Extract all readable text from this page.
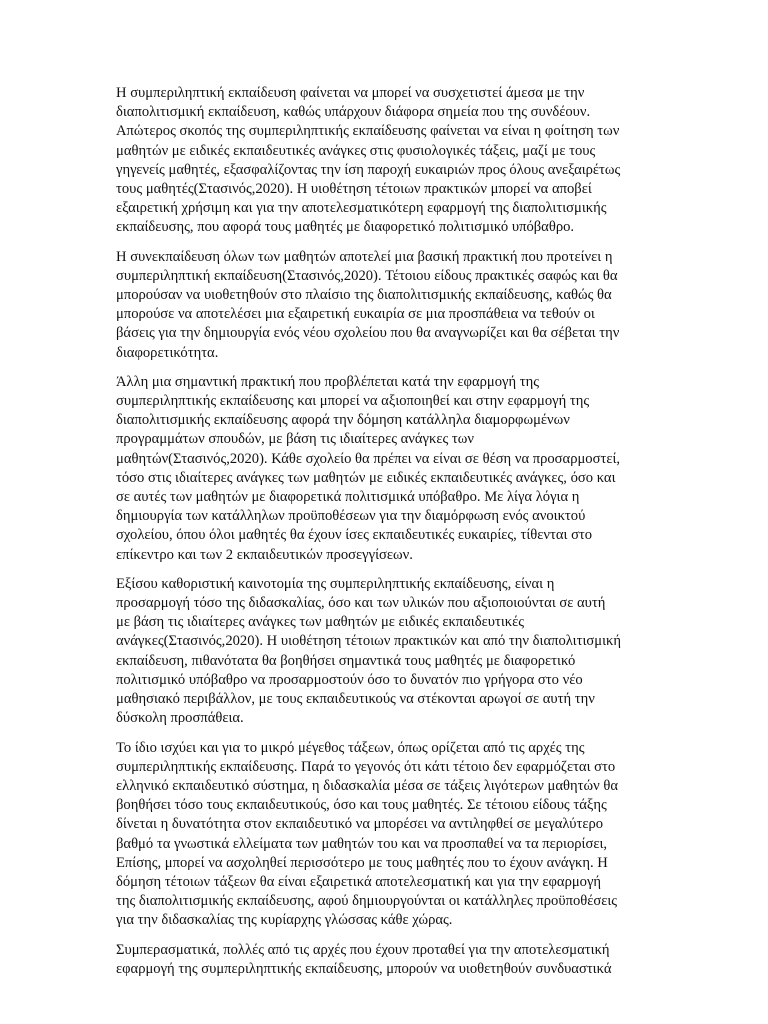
Η συμπεριληπτική εκπαίδευση φαίνεται να μπορεί να συσχετιστεί άμεσα με την
διαπολιτισμική εκπαίδευση, καθώς υπάρχουν διάφορα σημεία που της συνδέουν.
Απώτερος σκοπός της συμπεριληπτικής εκπαίδευσης φαίνεται να είναι η φοίτηση των
μαθητών με ειδικές εκπαιδευτικές ανάγκες στις φυσιολογικές τάξεις, μαζί με τους
γηγενείς μαθητές, εξασφαλίζοντας την ίση παροχή ευκαιριών προς όλους ανεξαιρέτως
τους μαθητές(Στασινός,2020). Η υιοθέτηση τέτοιων πρακτικών μπορεί να αποβεί
εξαιρετική χρήσιμη και για την αποτελεσματικότερη εφαρμογή της διαπολιτισμικής
εκπαίδευσης, που αφορά τους μαθητές με διαφορετικό πολιτισμικό υπόβαθρο.

Η συνεκπαίδευση όλων των μαθητών αποτελεί μια βασική πρακτική που προτείνει η
συμπεριληπτική εκπαίδευση(Στασινός,2020). Τέτοιου είδους πρακτικές σαφώς και θα
μπορούσαν να υιοθετηθούν στο πλαίσιο της διαπολιτισμικής εκπαίδευσης, καθώς θα
μπορούσε να αποτελέσει μια εξαιρετική ευκαιρία σε μια προσπάθεια να τεθούν οι
βάσεις για την δημιουργία ενός νέου σχολείου που θα αναγνωρίζει και θα σέβεται την
διαφορετικότητα.

Άλλη μια σημαντική πρακτική που προβλέπεται κατά την εφαρμογή της
συμπεριληπτικής εκπαίδευσης και μπορεί να αξιοποιηθεί και στην εφαρμογή της
διαπολιτισμικής εκπαίδευσης αφορά την δόμηση κατάλληλα διαμορφωμένων
προγραμμάτων σπουδών, με βάση τις ιδιαίτερες ανάγκες των
μαθητών(Στασινός,2020). Κάθε σχολείο θα πρέπει να είναι σε θέση να προσαρμοστεί,
τόσο στις ιδιαίτερες ανάγκες των μαθητών με ειδικές εκπαιδευτικές ανάγκες, όσο και
σε αυτές των μαθητών με διαφορετικά πολιτισμικά υπόβαθρο. Με λίγα λόγια η
δημιουργία των κατάλληλων προϋποθέσεων για την διαμόρφωση ενός ανοικτού
σχολείου, όπου όλοι μαθητές θα έχουν ίσες εκπαιδευτικές ευκαιρίες, τίθενται στο
επίκεντρο και των 2 εκπαιδευτικών προσεγγίσεων.

Εξίσου καθοριστική καινοτομία της συμπεριληπτικής εκπαίδευσης, είναι η
προσαρμογή τόσο της διδασκαλίας, όσο και των υλικών που αξιοποιούνται σε αυτή
με βάση τις ιδιαίτερες ανάγκες των μαθητών με ειδικές εκπαιδευτικές
ανάγκες(Στασινός,2020). Η υιοθέτηση τέτοιων πρακτικών και από την διαπολιτισμική
εκπαίδευση, πιθανότατα θα βοηθήσει σημαντικά τους μαθητές με διαφορετικό
πολιτισμικό υπόβαθρο να προσαρμοστούν όσο το δυνατόν πιο γρήγορα στο νέο
μαθησιακό περιβάλλον, με τους εκπαιδευτικούς να στέκονται αρωγοί σε αυτή την
δύσκολη προσπάθεια.

Το ίδιο ισχύει και για το μικρό μέγεθος τάξεων, όπως ορίζεται από τις αρχές της
συμπεριληπτικής εκπαίδευσης. Παρά το γεγονός ότι κάτι τέτοιο δεν εφαρμόζεται στο
ελληνικό εκπαιδευτικό σύστημα, η διδασκαλία μέσα σε τάξεις λιγότερων μαθητών θα
βοηθήσει τόσο τους εκπαιδευτικούς, όσο και τους μαθητές. Σε τέτοιου είδους τάξης
δίνεται η δυνατότητα στον εκπαιδευτικό να μπορέσει να αντιληφθεί σε μεγαλύτερο
βαθμό τα γνωστικά ελλείματα των μαθητών του και να προσπαθεί να τα περιορίσει,
Επίσης, μπορεί να ασχοληθεί περισσότερο με τους μαθητές που το έχουν ανάγκη. Η
δόμηση τέτοιων τάξεων θα είναι εξαιρετικά αποτελεσματική και για την εφαρμογή
της διαπολιτισμικής εκπαίδευσης, αφού δημιουργούνται οι κατάλληλες προϋποθέσεις
για την διδασκαλίας της κυρίαρχης γλώσσας κάθε χώρας.

Συμπερασματικά, πολλές από τις αρχές που έχουν προταθεί για την αποτελεσματική
εφαρμογή της συμπεριληπτικής εκπαίδευσης, μπορούν να υιοθετηθούν συνδυαστικά
